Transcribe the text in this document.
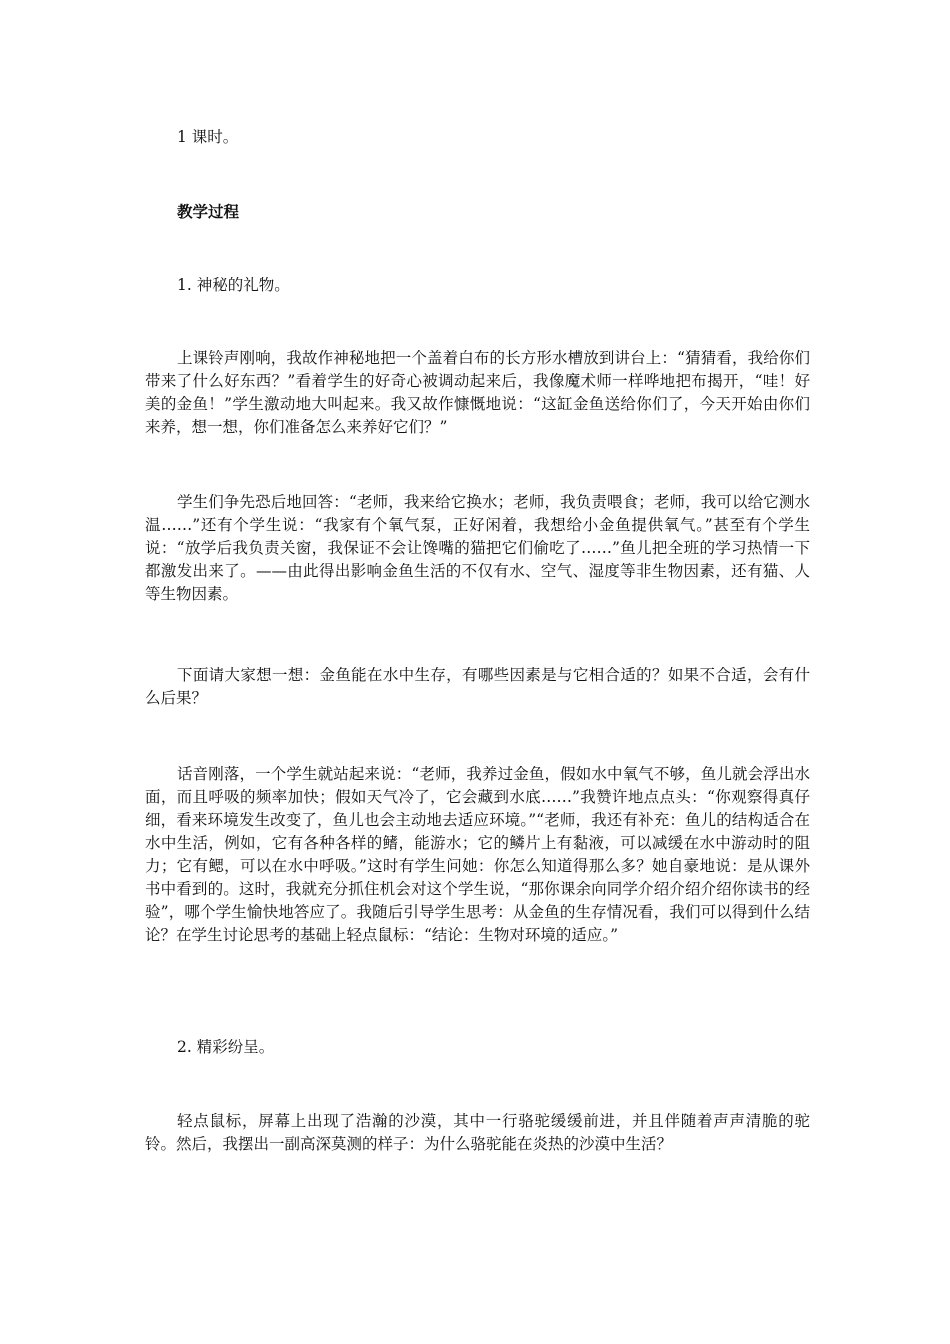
1 课时。

教学过程

1. 神秘的礼物。

上课铃声刚响，我故作神秘地把一个盖着白布的长方形水槽放到讲台上：“猜猜看，我给你们带来了什么好东西？”看着学生的好奇心被调动起来后，我像魔术师一样哗地把布揭开，“哇！好美的金鱼！”学生激动地大叫起来。我又故作慷慨地说：“这缸金鱼送给你们了，今天开始由你们来养，想一想，你们准备怎么来养好它们？”

学生们争先恐后地回答：“老师，我来给它换水；老师，我负责喂食；老师，我可以给它测水温……”还有个学生说：“我家有个氧气泵，正好闲着，我想给小金鱼提供氧气。”甚至有个学生说：“放学后我负责关窗，我保证不会让馋嘴的猫把它们偷吃了……”鱼儿把全班的学习热情一下都激发出来了。——由此得出影响金鱼生活的不仅有水、空气、湿度等非生物因素，还有猫、人等生物因素。

下面请大家想一想：金鱼能在水中生存，有哪些因素是与它相合适的？如果不合适，会有什么后果？

话音刚落，一个学生就站起来说：“老师，我养过金鱼，假如水中氧气不够，鱼儿就会浮出水面，而且呼吸的频率加快；假如天气冷了，它会藏到水底……”我赞许地点点头：“你观察得真仔细，看来环境发生改变了，鱼儿也会主动地去适应环境。”“老师，我还有补充：鱼儿的结构适合在水中生活，例如，它有各种各样的鳍，能游水；它的鳞片上有黏液，可以减缓在水中游动时的阻力；它有鳃，可以在水中呼吸。”这时有学生问她：你怎么知道得那么多？她自豪地说：是从课外书中看到的。这时，我就充分抓住机会对这个学生说，“那你课余向同学介绍介绍介绍你读书的经验”，哪个学生愉快地答应了。我随后引导学生思考：从金鱼的生存情况看，我们可以得到什么结论？在学生讨论思考的基础上轻点鼠标：“结论：生物对环境的适应。”

2. 精彩纷呈。

轻点鼠标，屏幕上出现了浩瀚的沙漠，其中一行骆驼缓缓前进，并且伴随着声声清脆的驼铃。然后，我摆出一副高深莫测的样子：为什么骆驼能在炎热的沙漠中生活？
